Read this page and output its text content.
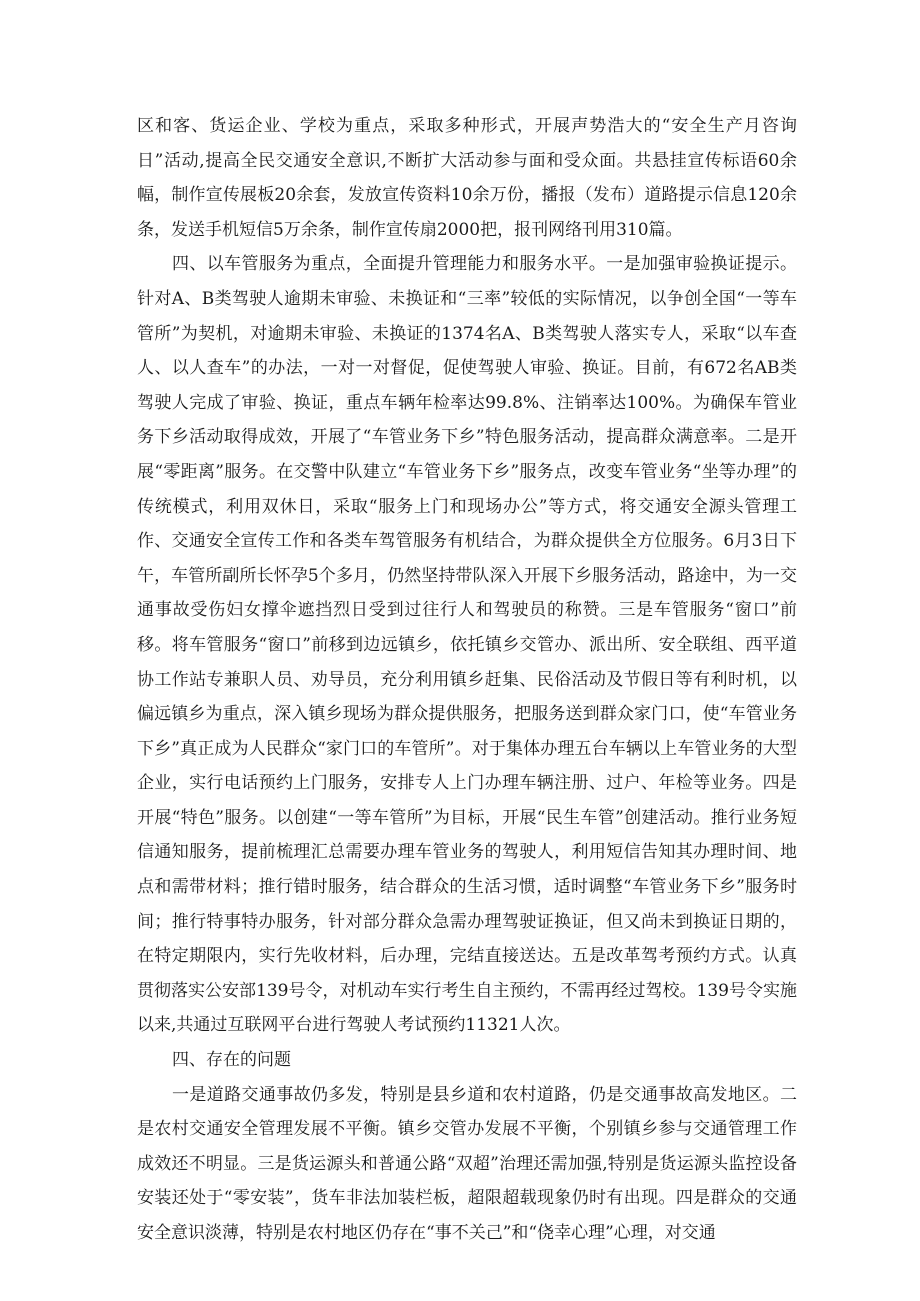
区和客、货运企业、学校为重点，采取多种形式，开展声势浩大的“安全生产月咨询日”活动,提高全民交通安全意识,不断扩大活动参与面和受众面。共悬挂宣传标语60余幅，制作宣传展板20余套，发放宣传资料10余万份，播报（发布）道路提示信息120余条，发送手机短信5万余条，制作宣传扇2000把，报刊网络刊用310篇。

四、以车管服务为重点，全面提升管理能力和服务水平。一是加强审验换证提示。针对A、B类驾驶人逾期未审验、未换证和“三率”较低的实际情况，以争创全国“一等车管所”为契机，对逾期未审验、未换证的1374名A、B类驾驶人落实专人，采取“以车查人、以人查车”的办法，一对一对督促，促使驾驶人审验、换证。目前，有672名AB类驾驶人完成了审验、换证，重点车辆年检率达99.8%、注销率达100%。为确保车管业务下乡活动取得成效，开展了“车管业务下乡”特色服务活动，提高群众满意率。二是开展“零距离”服务。在交警中队建立“车管业务下乡”服务点，改变车管业务“坐等办理”的传统模式，利用双休日，采取“服务上门和现场办公”等方式，将交通安全源头管理工作、交通安全宣传工作和各类车驾管服务有机结合，为群众提供全方位服务。6月3日下午，车管所副所长怀孕5个多月，仍然坚持带队深入开展下乡服务活动，路途中，为一交通事故受伤妇女撑伞遮挡烈日受到过往行人和驾驶员的称赞。三是车管服务“窗口”前移。将车管服务“窗口”前移到边远镇乡，依托镇乡交管办、派出所、安全联组、西平道协工作站专兼职人员、劝导员，充分利用镇乡赶集、民俗活动及节假日等有利时机，以偏远镇乡为重点，深入镇乡现场为群众提供服务，把服务送到群众家门口，使“车管业务下乡”真正成为人民群众“家门口的车管所”。对于集体办理五台车辆以上车管业务的大型企业，实行电话预约上门服务，安排专人上门办理车辆注册、过户、年检等业务。四是开展“特色”服务。以创建“一等车管所”为目标，开展“民生车管”创建活动。推行业务短信通知服务，提前梳理汇总需要办理车管业务的驾驶人，利用短信告知其办理时间、地点和需带材料；推行错时服务，结合群众的生活习惯，适时调整“车管业务下乡”服务时间；推行特事特办服务，针对部分群众急需办理驾驶证换证，但又尚未到换证日期的，在特定期限内，实行先收材料，后办理，完结直接送达。五是改革驾考预约方式。认真贯彻落实公安部139号令，对机动车实行考生自主预约，不需再经过驾校。139号令实施以来,共通过互联网平台进行驾驶人考试预约11321人次。

四、存在的问题

一是道路交通事故仍多发，特别是县乡道和农村道路，仍是交通事故高发地区。二是农村交通安全管理发展不平衡。镇乡交管办发展不平衡，个别镇乡参与交通管理工作成效还不明显。三是货运源头和普通公路“双超”治理还需加强,特别是货运源头监控设备安装还处于“零安装”，货车非法加装栏板，超限超载现象仍时有出现。四是群众的交通安全意识淡薄，特别是农村地区仍存在“事不关己”和“侥幸心理”心理，对交通
